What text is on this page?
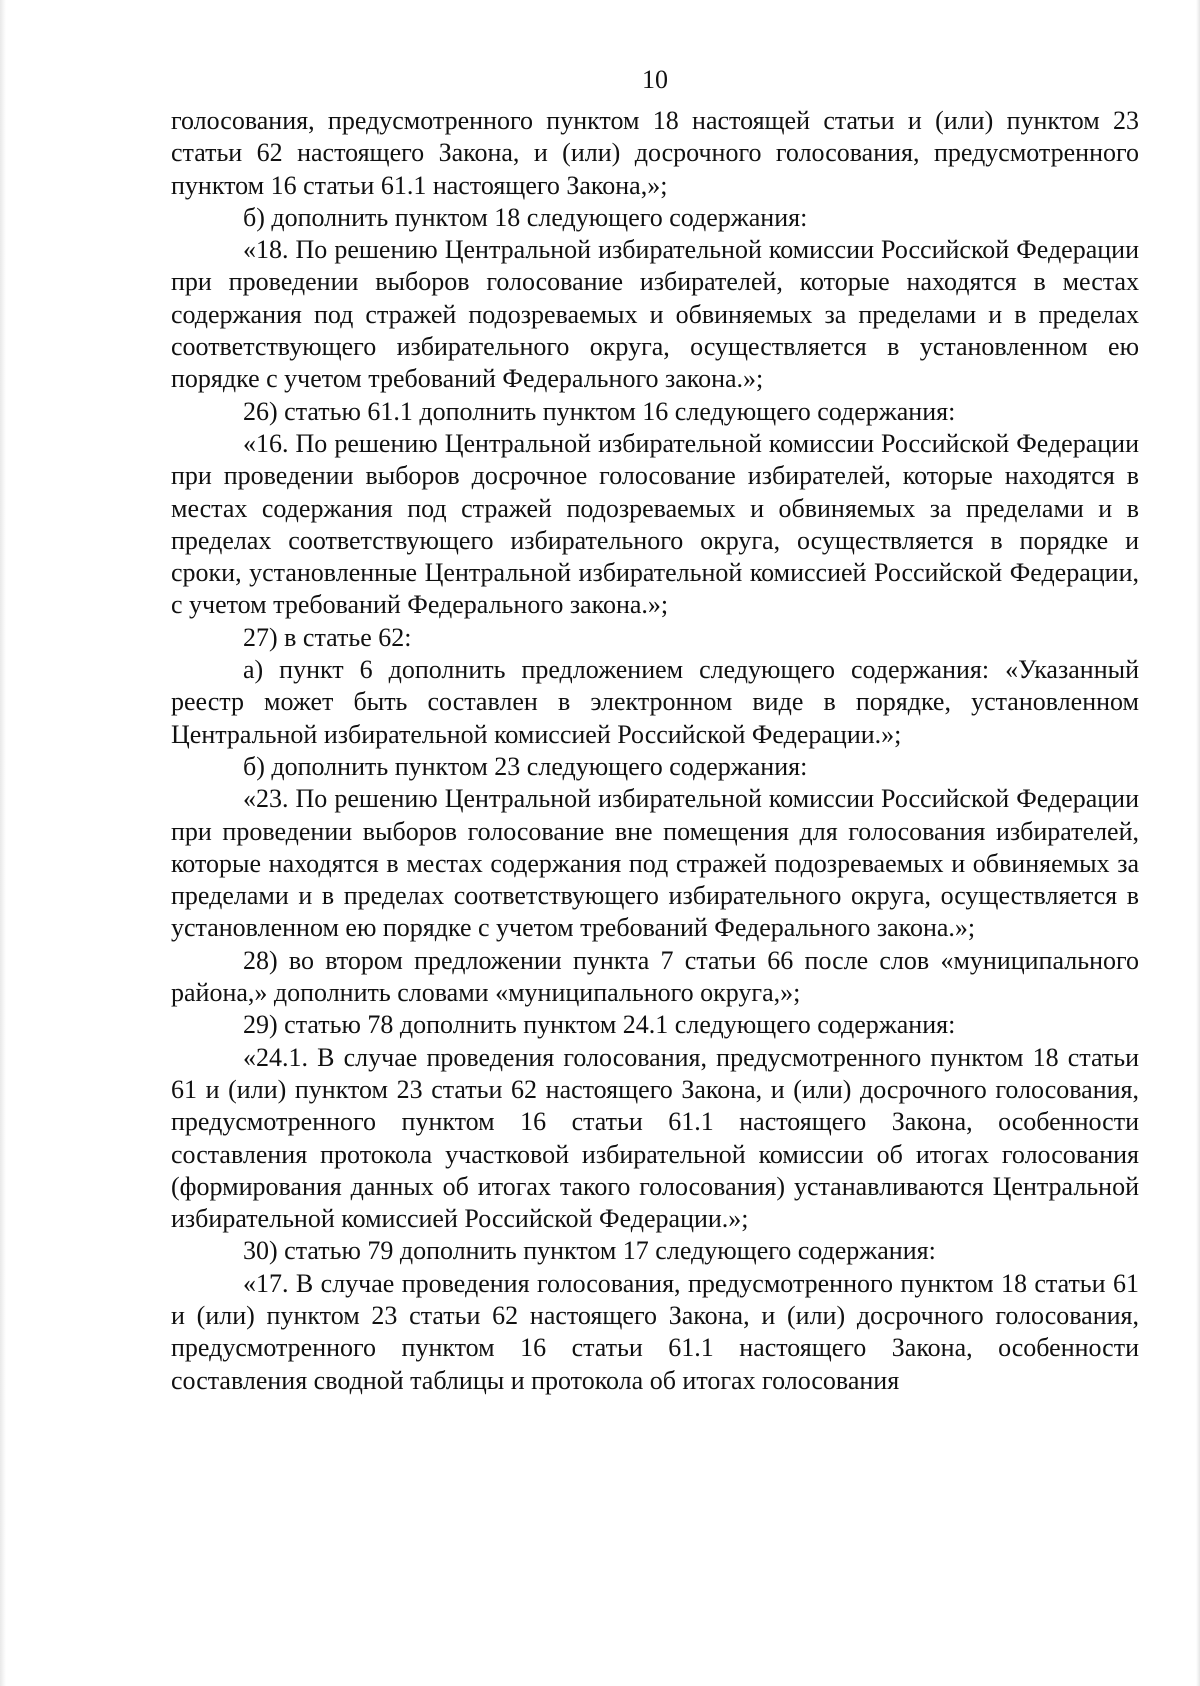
10

голосования, предусмотренного пунктом 18 настоящей статьи и (или) пунктом 23 статьи 62 настоящего Закона, и (или) досрочного голосования, предусмотренного пунктом 16 статьи 61.1 настоящего Закона,»;

б) дополнить пунктом 18 следующего содержания:

«18. По решению Центральной избирательной комиссии Российской Федерации при проведении выборов голосование избирателей, которые находятся в местах содержания под стражей подозреваемых и обвиняемых за пределами и в пределах соответствующего избирательного округа, осуществляется в установленном ею порядке с учетом требований Федерального закона.»;

26) статью 61.1 дополнить пунктом 16 следующего содержания:

«16. По решению Центральной избирательной комиссии Российской Федерации при проведении выборов досрочное голосование избирателей, которые находятся в местах содержания под стражей подозреваемых и обвиняемых за пределами и в пределах соответствующего избирательного округа, осуществляется в порядке и сроки, установленные Центральной избирательной комиссией Российской Федерации, с учетом требований Федерального закона.»;

27) в статье 62:

а) пункт 6 дополнить предложением следующего содержания: «Указанный реестр может быть составлен в электронном виде в порядке, установленном Центральной избирательной комиссией Российской Федерации.»;

б) дополнить пунктом 23 следующего содержания:

«23. По решению Центральной избирательной комиссии Российской Федерации при проведении выборов голосование вне помещения для голосования избирателей, которые находятся в местах содержания под стражей подозреваемых и обвиняемых за пределами и в пределах соответствующего избирательного округа, осуществляется в установленном ею порядке с учетом требований Федерального закона.»;

28) во втором предложении пункта 7 статьи 66 после слов «муниципального района,» дополнить словами «муниципального округа,»;

29) статью 78 дополнить пунктом 24.1 следующего содержания:

«24.1. В случае проведения голосования, предусмотренного пунктом 18 статьи 61 и (или) пунктом 23 статьи 62 настоящего Закона, и (или) досрочного голосования, предусмотренного пунктом 16 статьи 61.1 настоящего Закона, особенности составления протокола участковой избирательной комиссии об итогах голосования (формирования данных об итогах такого голосования) устанавливаются Центральной избирательной комиссией Российской Федерации.»;

30) статью 79 дополнить пунктом 17 следующего содержания:

«17. В случае проведения голосования, предусмотренного пунктом 18 статьи 61 и (или) пунктом 23 статьи 62 настоящего Закона, и (или) досрочного голосования, предусмотренного пунктом 16 статьи 61.1 настоящего Закона, особенности составления сводной таблицы и протокола об итогах голосования
